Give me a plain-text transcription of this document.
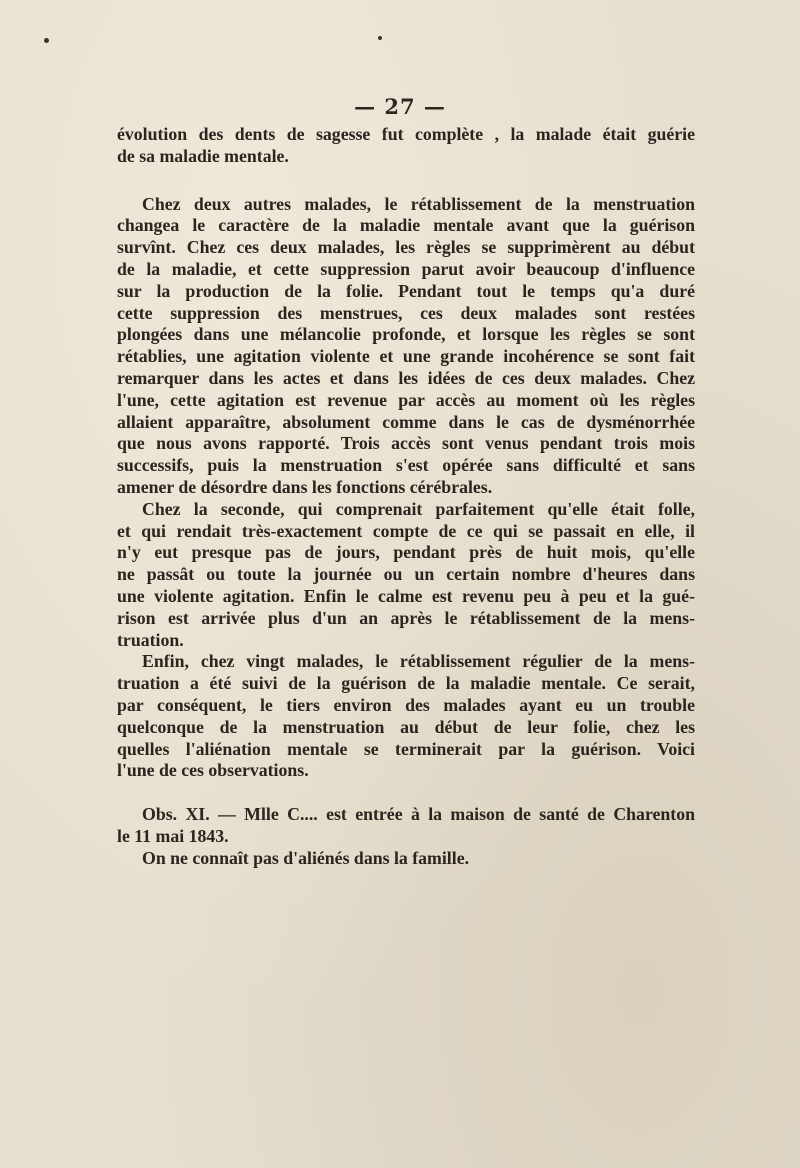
— 27 —
évolution des dents de sagesse fut complète , la malade était guérie
de sa maladie mentale.
Chez deux autres malades, le rétablissement de la menstruation
changea le caractère de la maladie mentale avant que la guérison
survînt. Chez ces deux malades, les règles se supprimèrent au début
de la maladie, et cette suppression parut avoir beaucoup d'influence
sur la production de la folie. Pendant tout le temps qu'a duré
cette suppression des menstrues, ces deux malades sont restées
plongées dans une mélancolie profonde, et lorsque les règles se sont
rétablies, une agitation violente et une grande incohérence se sont fait
remarquer dans les actes et dans les idées de ces deux malades. Chez
l'une, cette agitation est revenue par accès au moment où les règles
allaient apparaître, absolument comme dans le cas de dysménorrhée
que nous avons rapporté. Trois accès sont venus pendant trois mois
successifs, puis la menstruation s'est opérée sans difficulté et sans
amener de désordre dans les fonctions cérébrales.
Chez la seconde, qui comprenait parfaitement qu'elle était folle,
et qui rendait très-exactement compte de ce qui se passait en elle, il
n'y eut presque pas de jours, pendant près de huit mois, qu'elle
ne passât ou toute la journée ou un certain nombre d'heures dans
une violente agitation. Enfin le calme est revenu peu à peu et la gué-
rison est arrivée plus d'un an après le rétablissement de la mens-
truation.
Enfin, chez vingt malades, le rétablissement régulier de la mens-
truation a été suivi de la guérison de la maladie mentale. Ce serait,
par conséquent, le tiers environ des malades ayant eu un trouble
quelconque de la menstruation au début de leur folie, chez les
quelles l'aliénation mentale se terminerait par la guérison. Voici
l'une de ces observations.
Obs. XI. — Mlle C.... est entrée à la maison de santé de Charenton
le 11 mai 1843.
On ne connaît pas d'aliénés dans la famille.
